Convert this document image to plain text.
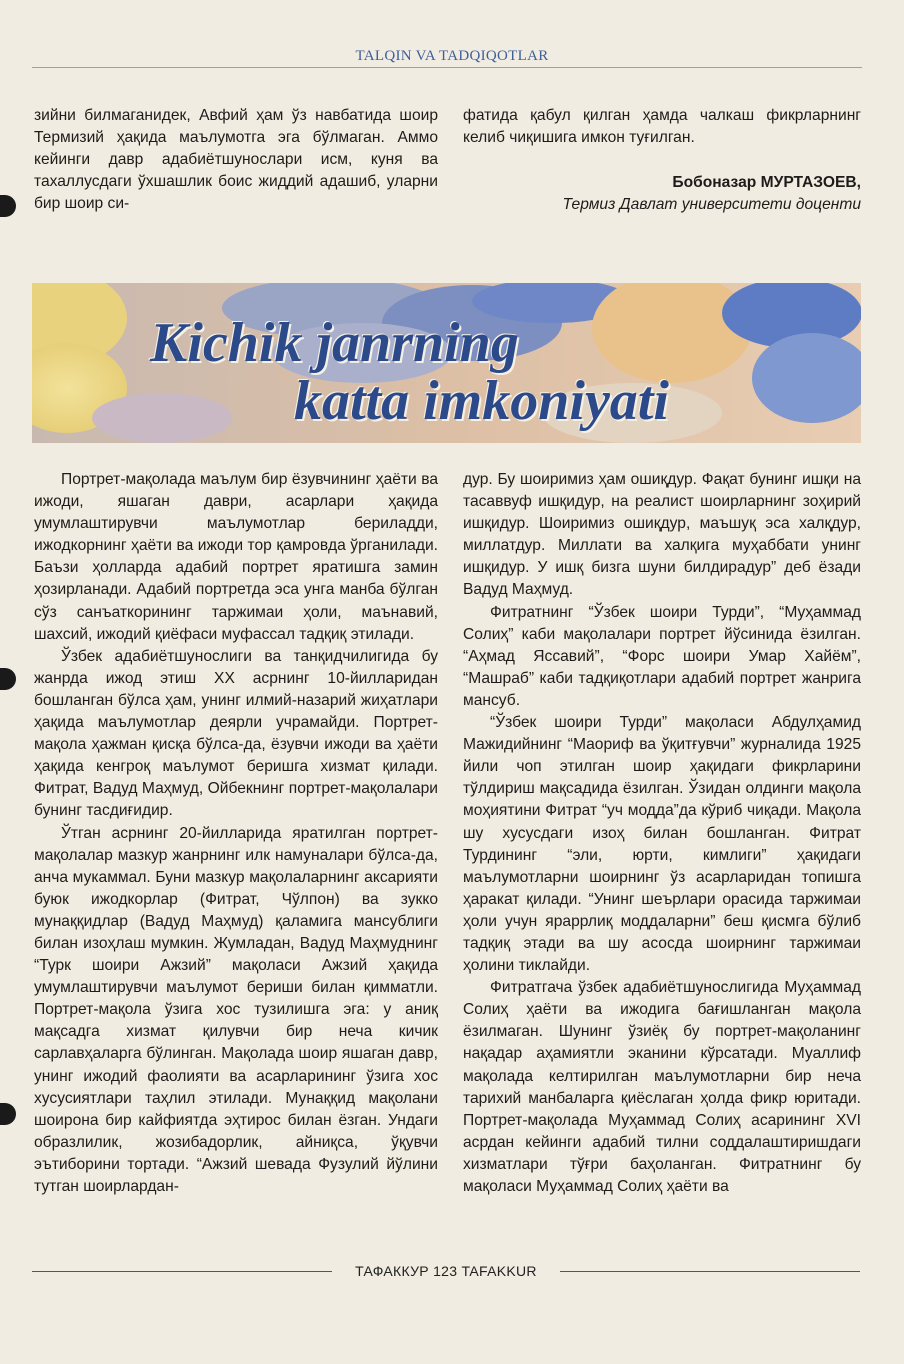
TALQIN VA TADQIQOTLAR

зийни билмаганидек, Авфий ҳам ўз навбатида шоир Термизий ҳақида маълумотга эга бўлмаган. Аммо кейинги давр адабиётшунослари исм, куня ва тахаллусдаги ўхшашлик боис жиддий адашиб, уларни бир шоир си-

фатида қабул қилган ҳамда чалкаш фикрларнинг келиб чиқишига имкон туғилган.

Бобоназар МУРТАЗОЕВ,
Термиз Давлат университети доценти
Kichik janrning
katta imkoniyati

Портрет-мақолада маълум бир ёзувчининг ҳаёти ва ижоди, яшаган даври, асарлари ҳақида умумлаштирувчи маълумотлар бериладди, ижодкорнинг ҳаёти ва ижоди тор қамровда ўрганилади. Баъзи ҳолларда адабий портрет яратишга замин ҳозирланади. Адабий портретда эса унга манба бўлган сўз санъаткорининг таржимаи ҳоли, маънавий, шахсий, ижодий қиёфаси муфассал тадқиқ этилади.

Ўзбек адабиётшунослиги ва танқидчилигида бу жанрда ижод этиш XX асрнинг 10-йилларидан бошланган бўлса ҳам, унинг илмий-назарий жиҳатлари ҳақида маълумотлар деярли учрамайди. Портрет-мақола ҳажман қисқа бўлса-да, ёзувчи ижоди ва ҳаёти ҳақида кенгроқ маълумот беришга хизмат қилади. Фитрат, Вадуд Маҳмуд, Ойбекнинг портрет-мақолалари бунинг тасдиғидир.

Ўтган асрнинг 20-йилларида яратилган портрет-мақолалар мазкур жанрнинг илк намуналари бўлса-да, анча мукаммал. Буни мазкур мақолаларнинг аксарияти буюк ижодкорлар (Фитрат, Чўлпон) ва зукко мунаққидлар (Вадуд Маҳмуд) қаламига мансублиги билан изоҳлаш мумкин. Жумладан, Вадуд Маҳмуднинг “Турк шоири Ажзий” мақоласи Ажзий ҳақида умумлаштирувчи маълумот бериши билан қимматли. Портрет-мақола ўзига хос тузилишга эга: у аниқ мақсадга хизмат қилувчи бир неча кичик сарлавҳаларга бўлинган. Мақолада шоир яшаган давр, унинг ижодий фаолияти ва асарларининг ўзига хос хусусиятлари таҳлил этилади. Мунаққид мақолани шоирона бир кайфиятда эҳтирос билан ёзган. Ундаги образлилик, жозибадорлик, айниқса, ўқувчи эътиборини тортади. “Ажзий шевада Фузулий йўлини тутган шоирлардан-

дур. Бу шоиримиз ҳам ошиқдур. Фақат бунинг ишқи на тасаввуф ишқидур, на реалист шоирларнинг зоҳирий ишқидур. Шоиримиз ошиқдур, маъшуқ эса халқдур, миллатдур. Миллати ва халқига муҳаббати унинг ишқидур. У ишқ бизга шуни билдирадур” деб ёзади Вадуд Маҳмуд.

Фитратнинг “Ўзбек шоири Турди”, “Муҳаммад Солиҳ” каби мақолалари портрет йўсинида ёзилган. “Аҳмад Яссавий”, “Форс шоири Умар Хайём”, “Машраб” каби тадқиқотлари адабий портрет жанрига мансуб.

“Ўзбек шоири Турди” мақоласи Абдулҳамид Мажидийнинг “Маориф ва ўқитғувчи” журналида 1925 йили чоп этилган шоир ҳақидаги фикрларини тўлдириш мақсадида ёзилган. Ўзидан олдинги мақола моҳиятини Фитрат “уч модда”да кўриб чиқади. Мақола шу хусусдаги изоҳ билан бошланган. Фитрат Турдининг “эли, юрти, кимлиги” ҳақидаги маълумотларни шоирнинг ўз асарларидан топишга ҳаракат қилади. “Унинг шеърлари орасида таржимаи ҳоли учун яраррлиқ моддаларни” беш қисмга бўлиб тадқиқ этади ва шу асосда шоирнинг таржимаи ҳолини тиклайди.

Фитратгача ўзбек адабиётшунослигида Муҳаммад Солиҳ ҳаёти ва ижодига бағишланган мақола ёзилмаган. Шунинг ўзиёқ бу портрет-мақоланинг нақадар аҳамиятли эканини кўрсатади. Муаллиф мақолада келтирилган маълумотларни бир неча тарихий манбаларга қиёслаган ҳолда фикр юритади. Портрет-мақолада Муҳаммад Солиҳ асарининг XVI асрдан кейинги адабий тилни соддалаштиришдаги хизматлари тўғри баҳоланган. Фитратнинг бу мақоласи Муҳаммад Солиҳ ҳаёти ва

ТАФАККУР 123 TAFAKKUR
